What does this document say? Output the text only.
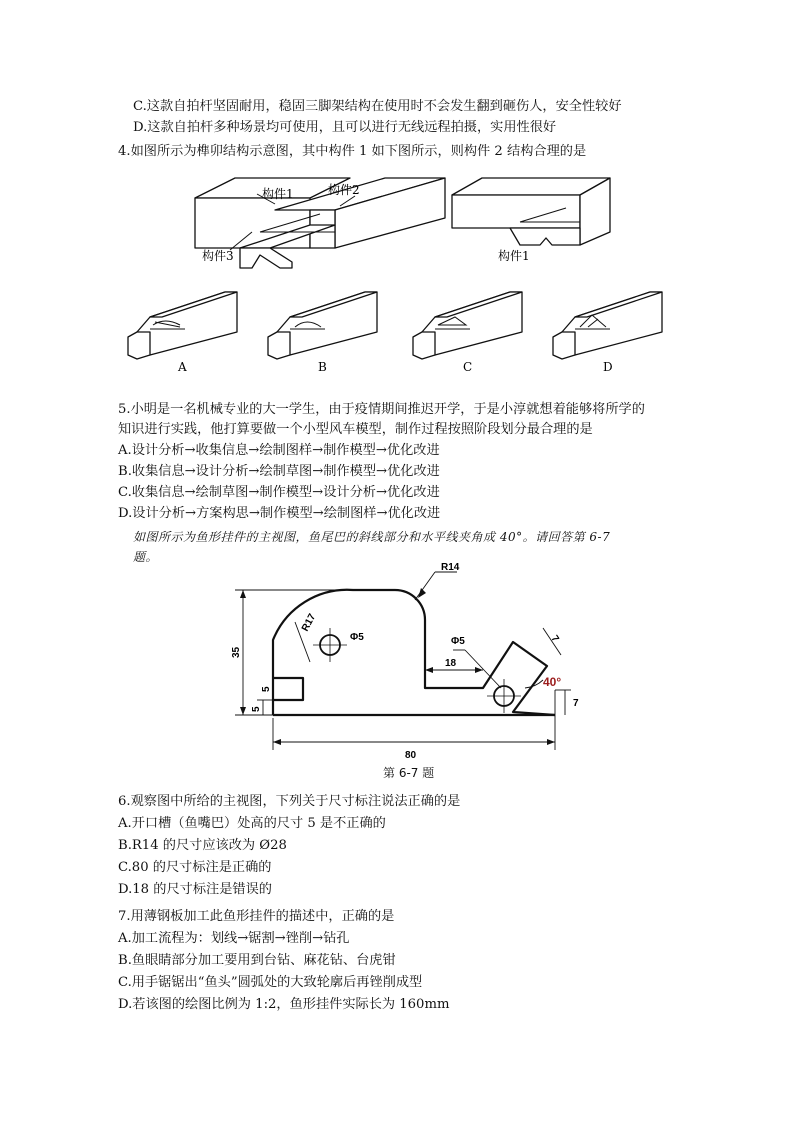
C.这款自拍杆坚固耐用，稳固三脚架结构在使用时不会发生翻到砸伤人，安全性较好
D.这款自拍杆多种场景均可使用，且可以进行无线远程拍摄，实用性很好
4.如图所示为榫卯结构示意图，其中构件 1 如下图所示，则构件 2 结构合理的是
构件1	构件2
构件3	构件1
A	B	C	D
5.小明是一名机械专业的大一学生，由于疫情期间推迟开学，于是小淳就想着能够将所学的
知识进行实践，他打算要做一个小型风车模型，制作过程按照阶段划分最合理的是
A.设计分析→收集信息→绘制图样→制作模型→优化改进
B.收集信息→设计分析→绘制草图→制作模型→优化改进
C.收集信息→绘制草图→制作模型→设计分析→优化改进
D.设计分析→方案构思→制作模型→绘制图样→优化改进
如图所示为鱼形挂件的主视图，鱼尾巴的斜线部分和水平线夹角成 40°。请回答第 6-7
题。
35
5
5
80
18
R14
R17
Φ5	Φ5	7
7
40°
第 6-7 题
6.观察图中所给的主视图，下列关于尺寸标注说法正确的是
A.开口槽（鱼嘴巴）处高的尺寸 5 是不正确的
B.R14 的尺寸应该改为 Ø28
C.80 的尺寸标注是正确的
D.18 的尺寸标注是错误的
7.用薄钢板加工此鱼形挂件的描述中，正确的是
A.加工流程为：划线→锯割→锉削→钻孔
B.鱼眼睛部分加工要用到台钻、麻花钻、台虎钳
C.用手锯锯出“鱼头”圆弧处的大致轮廓后再锉削成型
D.若该图的绘图比例为 1:2，鱼形挂件实际长为 160mm
